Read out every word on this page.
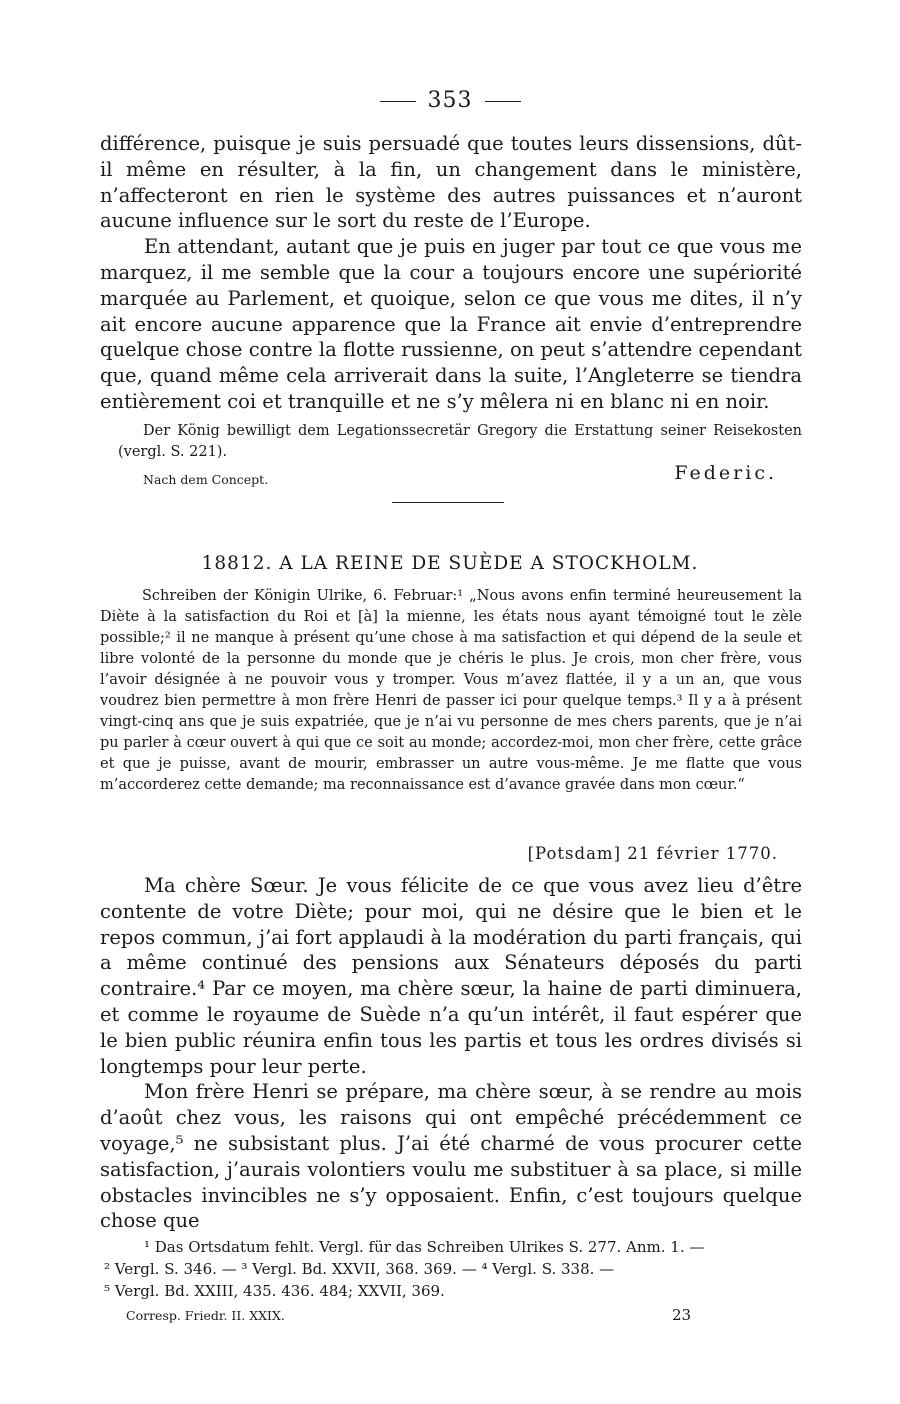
353

différence, puisque je suis persuadé que toutes leurs dissensions, dût-il même en résulter, à la fin, un changement dans le ministère, n’affecteront en rien le système des autres puissances et n’auront aucune influence sur le sort du reste de l’Europe.

En attendant, autant que je puis en juger par tout ce que vous me marquez, il me semble que la cour a toujours encore une supériorité marquée au Parlement, et quoique, selon ce que vous me dites, il n’y ait encore aucune apparence que la France ait envie d’entreprendre quelque chose contre la flotte russienne, on peut s’attendre cependant que, quand même cela arriverait dans la suite, l’Angleterre se tiendra entièrement coi et tranquille et ne s’y mêlera ni en blanc ni en noir.

Der König bewilligt dem Legationssecretär Gregory die Erstattung seiner Reisekosten (vergl. S. 221).

Nach dem Concept.	Federic.
18812. A LA REINE DE SUÈDE A STOCKHOLM.

Schreiben der Königin Ulrike, 6. Februar:¹ „Nous avons enfin terminé heureusement la Diète à la satisfaction du Roi et [à] la mienne, les états nous ayant témoigné tout le zèle possible;² il ne manque à présent qu’une chose à ma satisfaction et qui dépend de la seule et libre volonté de la personne du monde que je chéris le plus. Je crois, mon cher frère, vous l’avoir désignée à ne pouvoir vous y tromper. Vous m’avez flattée, il y a un an, que vous voudrez bien permettre à mon frère Henri de passer ici pour quelque temps.³ Il y a à présent vingt-cinq ans que je suis expatriée, que je n’ai vu personne de mes chers parents, que je n’ai pu parler à cœur ouvert à qui que ce soit au monde; accordez-moi, mon cher frère, cette grâce et que je puisse, avant de mourir, embrasser un autre vous-même. Je me flatte que vous m’accorderez cette demande; ma reconnaissance est d’avance gravée dans mon cœur.“

[Potsdam] 21 février 1770.

Ma chère Sœur. Je vous félicite de ce que vous avez lieu d’être contente de votre Diète; pour moi, qui ne désire que le bien et le repos commun, j’ai fort applaudi à la modération du parti français, qui a même continué des pensions aux Sénateurs déposés du parti contraire.⁴ Par ce moyen, ma chère sœur, la haine de parti diminuera, et comme le royaume de Suède n’a qu’un intérêt, il faut espérer que le bien public réunira enfin tous les partis et tous les ordres divisés si longtemps pour leur perte.

Mon frère Henri se prépare, ma chère sœur, à se rendre au mois d’août chez vous, les raisons qui ont empêché précédemment ce voyage,⁵ ne subsistant plus. J’ai été charmé de vous procurer cette satisfaction, j’aurais volontiers voulu me substituer à sa place, si mille obstacles invincibles ne s’y opposaient. Enfin, c’est toujours quelque chose que

¹ Das Ortsdatum fehlt. Vergl. für das Schreiben Ulrikes S. 277. Anm. 1. —

² Vergl. S. 346. — ³ Vergl. Bd. XXVII, 368. 369. — ⁴ Vergl. S. 338. —

⁵ Vergl. Bd. XXIII, 435. 436. 484; XXVII, 369.

Corresp. Friedr. II. XXIX.	23
